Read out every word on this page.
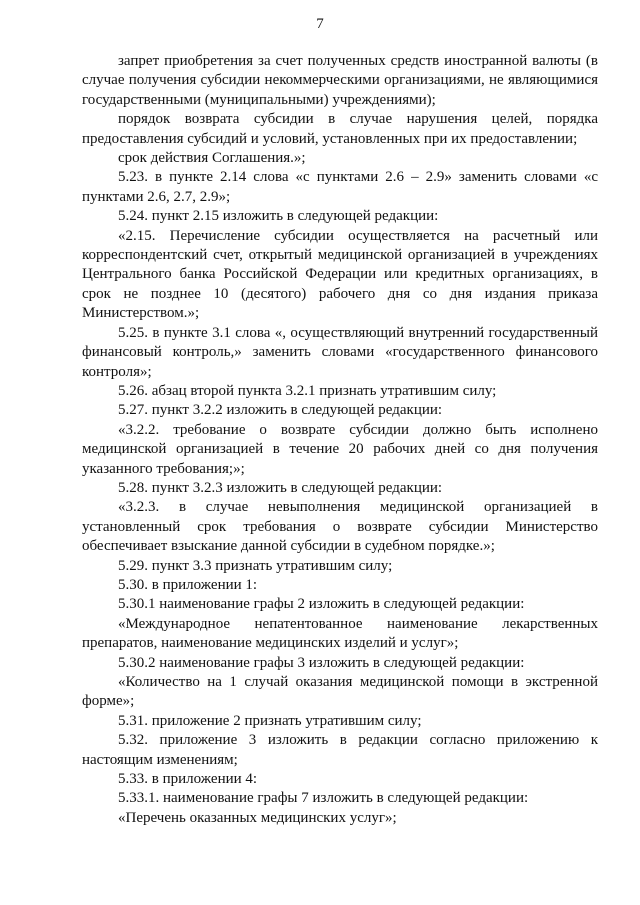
7

запрет приобретения за счет полученных средств иностранной валюты (в случае получения субсидии некоммерческими организациями, не являющимися государственными (муниципальными) учреждениями);

порядок возврата субсидии в случае нарушения целей, порядка предоставления субсидий и условий, установленных при их предоставлении;

срок действия Соглашения.»;

5.23. в пункте 2.14 слова «с пунктами 2.6 – 2.9» заменить словами «с пунктами 2.6, 2.7, 2.9»;

5.24. пункт 2.15 изложить в следующей редакции:

«2.15. Перечисление субсидии осуществляется на расчетный или корреспондентский счет, открытый медицинской организацией в учреждениях Центрального банка Российской Федерации или кредитных организациях, в срок не позднее 10 (десятого) рабочего дня со дня издания приказа Министерством.»;

5.25. в пункте 3.1 слова «, осуществляющий внутренний государственный финансовый контроль,» заменить словами «государственного финансового контроля»;

5.26. абзац второй пункта 3.2.1 признать утратившим силу;

5.27. пункт 3.2.2 изложить в следующей редакции:

«3.2.2. требование о возврате субсидии должно быть исполнено медицинской организацией в течение 20 рабочих дней со дня получения указанного требования;»;

5.28. пункт 3.2.3 изложить в следующей редакции:

«3.2.3. в случае невыполнения медицинской организацией в установленный срок требования о возврате субсидии Министерство обеспечивает взыскание данной субсидии в судебном порядке.»;

5.29. пункт 3.3 признать утратившим силу;

5.30. в приложении 1:

5.30.1 наименование графы 2 изложить в следующей редакции:

«Международное непатентованное наименование лекарственных препаратов, наименование медицинских изделий и услуг»;

5.30.2 наименование графы 3 изложить в следующей редакции:

«Количество на 1 случай оказания медицинской помощи в экстренной форме»;

5.31. приложение 2 признать утратившим силу;

5.32. приложение 3 изложить в редакции согласно приложению к настоящим изменениям;

5.33. в приложении 4:

5.33.1. наименование графы 7 изложить в следующей редакции:

«Перечень оказанных медицинских услуг»;
